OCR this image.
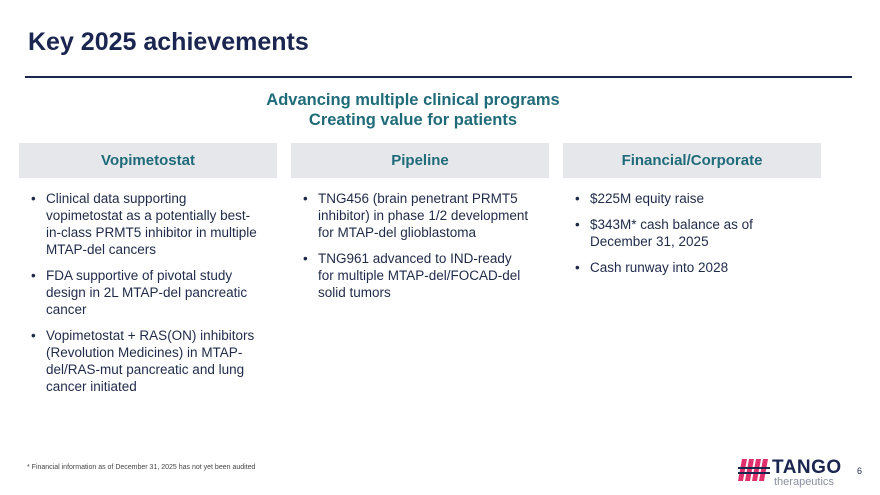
Key 2025 achievements
Advancing multiple clinical programs
Creating value for patients
Vopimetostat	Pipeline	Financial/Corporate
• Clinical data supporting vopimetostat as a potentially best-in-class PRMT5 inhibitor in multiple MTAP-del cancers
• FDA supportive of pivotal study design in 2L MTAP-del pancreatic cancer
• Vopimetostat + RAS(ON) inhibitors (Revolution Medicines) in MTAP-del/RAS-mut pancreatic and lung cancer initiated
• TNG456 (brain penetrant PRMT5 inhibitor) in phase 1/2 development for MTAP-del glioblastoma
• TNG961 advanced to IND-ready for multiple MTAP-del/FOCAD-del solid tumors
• $225M equity raise
• $343M* cash balance as of December 31, 2025
• Cash runway into 2028
* Financial information as of December 31, 2025 has not yet been audited	TANGO
therapeutics
6
